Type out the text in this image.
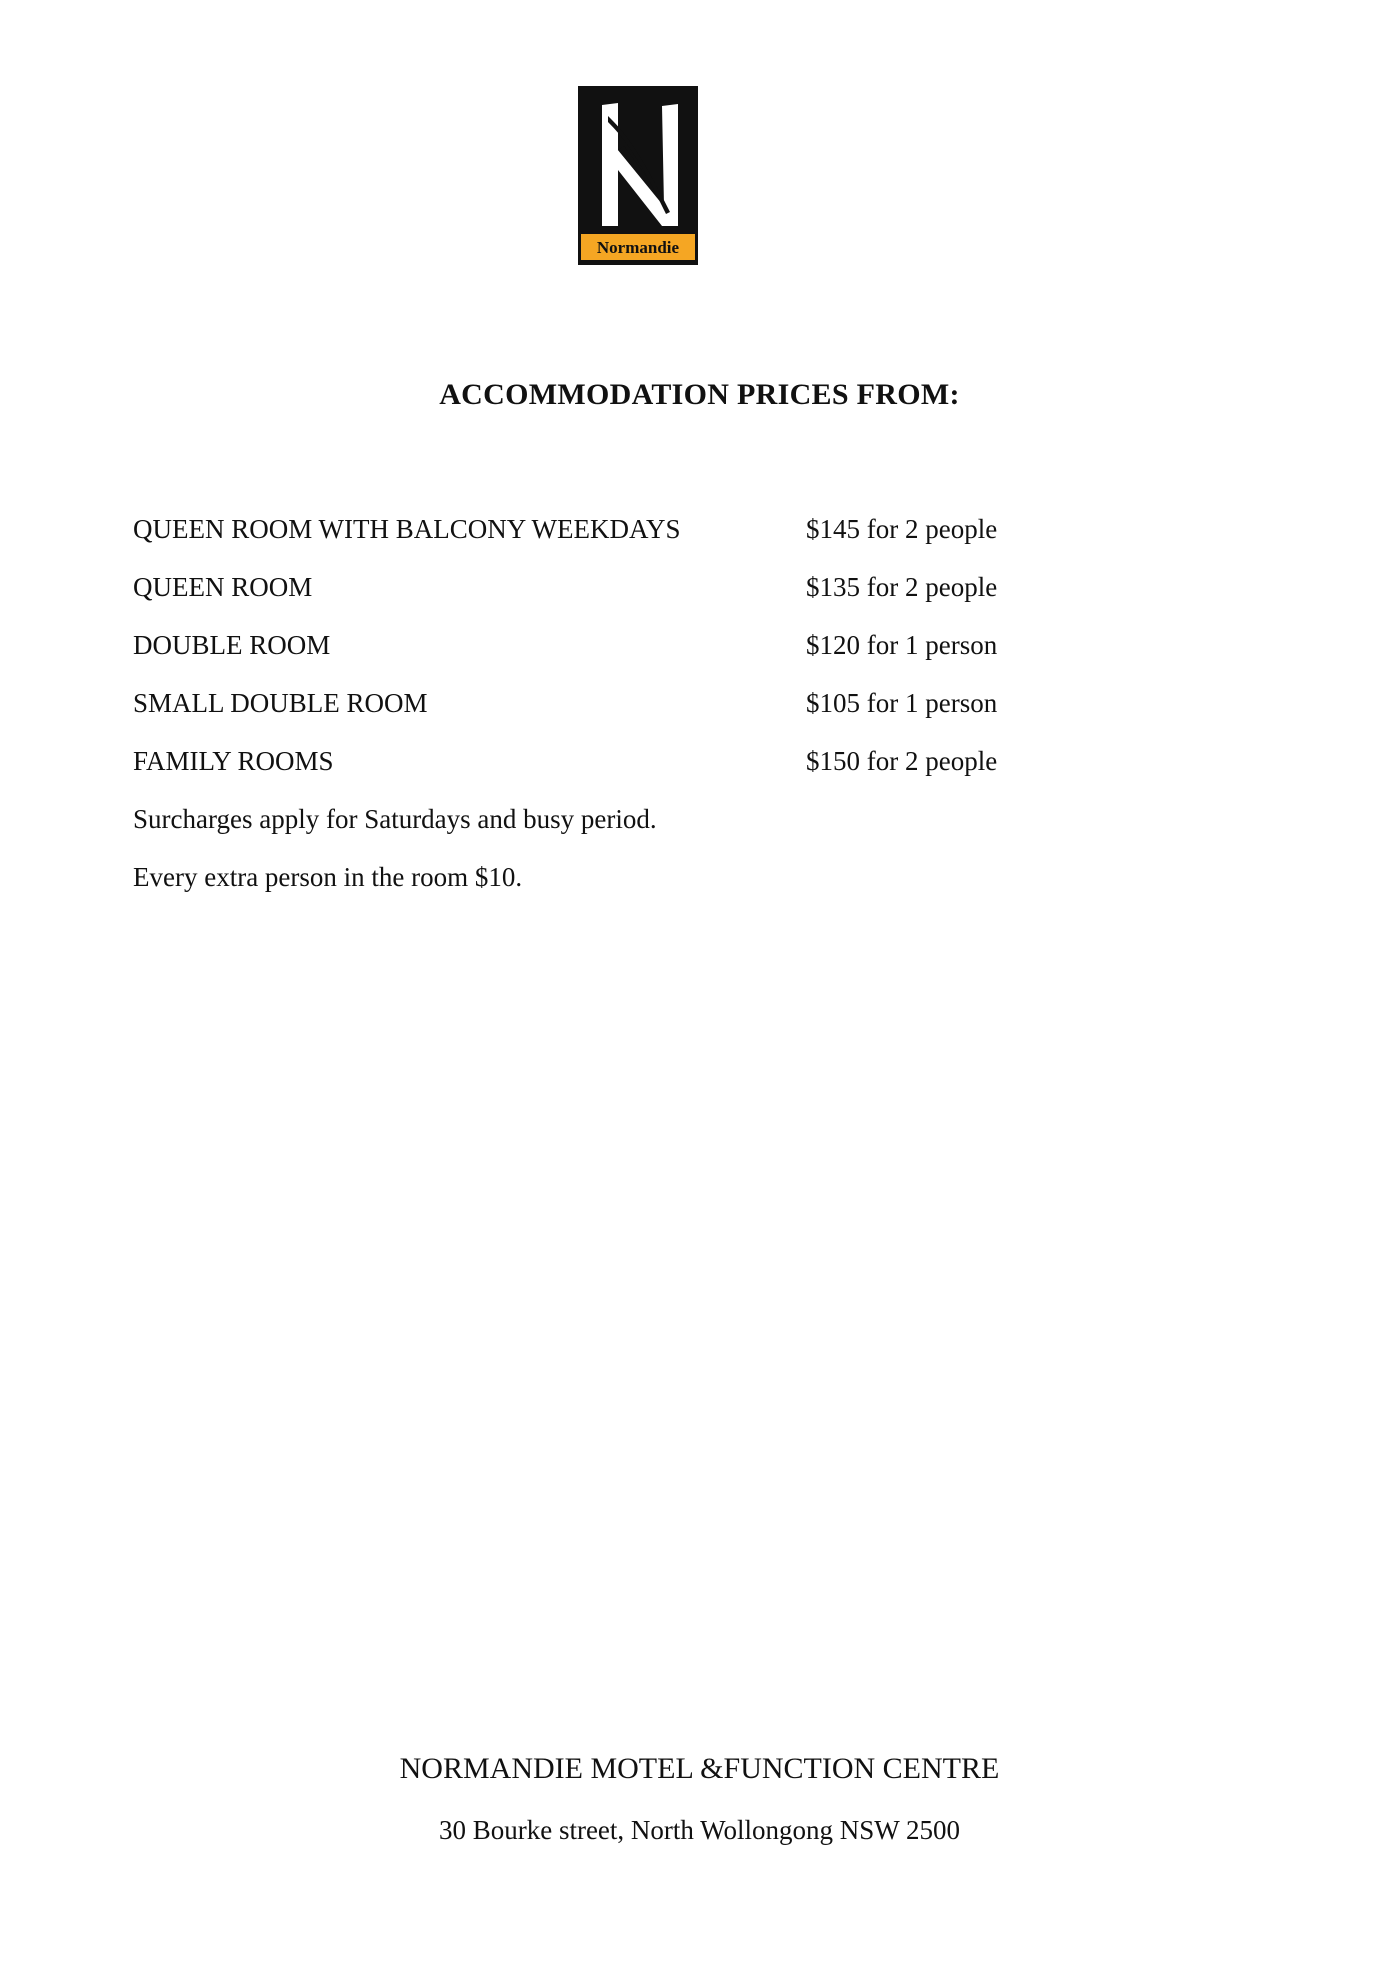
Normandie
ACCOMMODATION PRICES FROM:
QUEEN ROOM WITH BALCONY WEEKDAYS	$145 for 2 people
QUEEN ROOM	$135 for 2 people
DOUBLE ROOM	$120 for 1 person
SMALL DOUBLE ROOM	$105 for 1 person
FAMILY ROOMS	$150 for 2 people
Surcharges apply for Saturdays and busy period.
Every extra person in the room $10.
NORMANDIE MOTEL &FUNCTION CENTRE
30 Bourke street, North Wollongong NSW 2500
